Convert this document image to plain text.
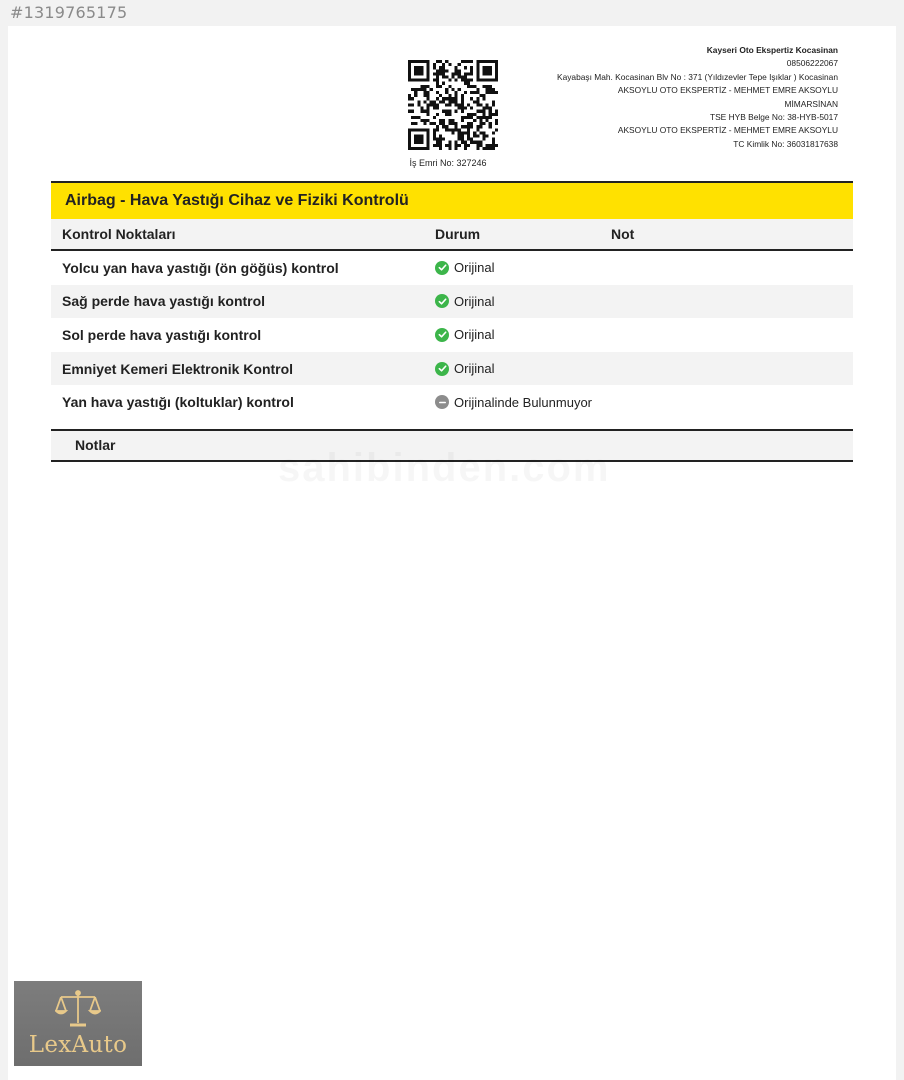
#1319765175
İş Emri No: 327246
Kayseri Oto Ekspertiz Kocasinan
08506222067
Kayabaşı Mah. Kocasinan Blv No : 371 (Yıldızevler Tepe Işıklar ) Kocasinan
AKSOYLU OTO EKSPERTİZ - MEHMET EMRE AKSOYLU
MİMARSİNAN
TSE HYB Belge No: 38-HYB-5017
AKSOYLU OTO EKSPERTİZ - MEHMET EMRE AKSOYLU
TC Kimlik No: 36031817638
Airbag - Hava Yastığı Cihaz ve Fiziki Kontrolü
Kontrol Noktaları	Durum	Not
Yolcu yan hava yastığı (ön göğüs) kontrol	Orijinal
Sağ perde hava yastığı kontrol	Orijinal
Sol perde hava yastığı kontrol	Orijinal
Emniyet Kemeri Elektronik Kontrol	Orijinal
Yan hava yastığı (koltuklar) kontrol	Orijinalinde Bulunmuyor
Notlar
LexAuto
